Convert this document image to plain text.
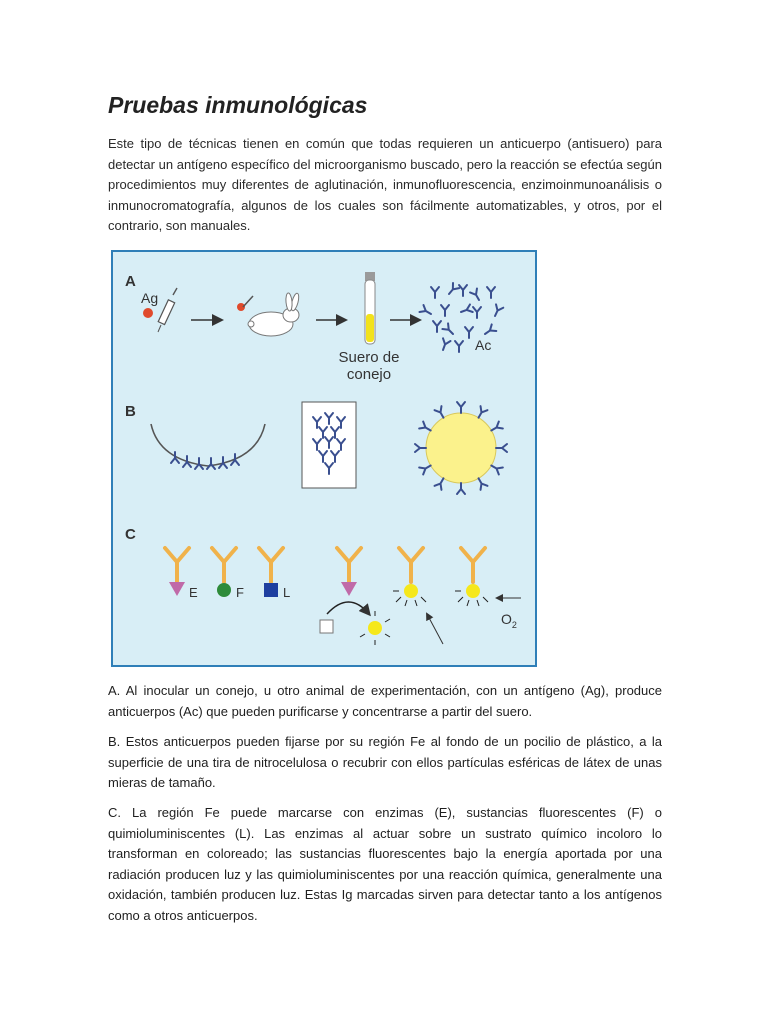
Pruebas inmunológicas

Este tipo de técnicas tienen en común que todas requieren un anticuerpo (antisuero) para detectar un antígeno específico del microorganismo buscado, pero la reacción se efectúa según procedimientos muy diferentes de aglutinación, inmunofluorescencia, enzimoinmunoanálisis o inmunocromatografía, algunos de los cuales son fácilmente automatizables, y otros, por el contrario, son manuales.

A
Ag
Suero de
conejo
Ac
B
C
E	F	L
$O_2$

A. Al inocular un conejo, u otro animal de experimentación, con un antígeno (Ag), produce anticuerpos (Ac) que pueden purificarse y concentrarse a partir del suero.

B. Estos anticuerpos pueden fijarse por su región Fe al fondo de un pocilio de plástico, a la superficie de una tira de nitrocelulosa o recubrir con ellos partículas esféricas de látex de unas mieras de tamaño.

C. La región Fe puede marcarse con enzimas (E), sustancias fluorescentes (F) o quimioluminiscentes (L). Las enzimas al actuar sobre un sustrato químico incoloro lo transforman en coloreado; las sustancias fluorescentes bajo la energía aportada por una radiación producen luz y las quimioluminiscentes por una reacción química, generalmente una oxidación, también producen luz. Estas Ig marcadas sirven para detectar tanto a los antígenos como a otros anticuerpos.
